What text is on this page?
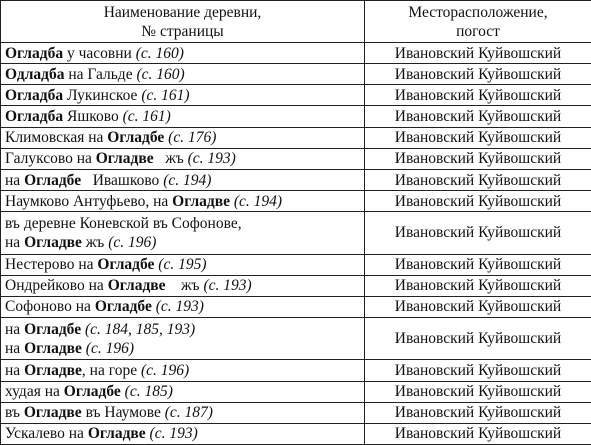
Наименование деревни,
№ страницы	Месторасположение,
погост
Огладба у часовни (с. 160)	Ивановский Куйвошский
Одладба на Гальде (с. 160)	Ивановский Куйвошский
Огладба Лукинское (с. 161)	Ивановский Куйвошский
Огладба Яшково (с. 161)	Ивановский Куйвошский
Климовская на Огладбе (с. 176)	Ивановский Куйвошский
Галуксово на Огладве   жъ (с. 193)	Ивановский Куйвошский
на Огладбе   Ивашково (с. 194)	Ивановский Куйвошский
Наумково Антуфьево, на Огладве (с. 194)	Ивановский Куйвошский
въ деревне Коневской въ Софонове,
на Огладве жъ (с. 196)	Ивановский Куйвошский
Нестерово на Огладбе (с. 195)	Ивановский Куйвошский
Ондрейково на Огладве    жъ (с. 193)	Ивановский Куйвошский
Софоново на Огладбе (с. 193)	Ивановский Куйвошский
на Огладбе (с. 184, 185, 193)
на Огладве (с. 196)	Ивановский Куйвошский
на Огладве, на горе (с. 196)	Ивановский Куйвошский
худая на Огладбе (с. 185)	Ивановский Куйвошский
въ Огладве въ Наумове (с. 187)	Ивановский Куйвошский
Ускалево на Огладве (с. 193)	Ивановский Куйвошский
